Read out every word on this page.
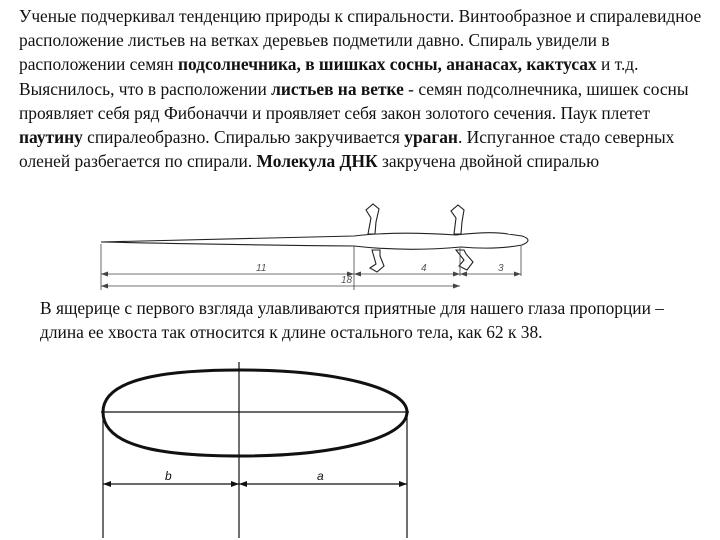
Ученые подчеркивал тенденцию природы к спиральности. Винтообразное и спиралевидное расположение листьев на ветках деревьев подметили давно. Спираль увидели в расположении семян подсолнечника, в шишках сосны, ананасах, кактусах и т.д. Выяснилось, что в расположении листьев на ветке - семян подсолнечника, шишек сосны проявляет себя ряд Фибоначчи и проявляет себя закон золотого сечения. Паук плетет паутину спиралеобразно. Спиралью закручивается ураган. Испуганное стадо северных оленей разбегается по спирали. Молекула ДНК закручена двойной спиралью
11
18
4	3
В ящерице с первого взгляда улавливаются приятные для нашего глаза пропорции – длина ее хвоста так относится к длине остального тела, как 62 к 38.
b	a
